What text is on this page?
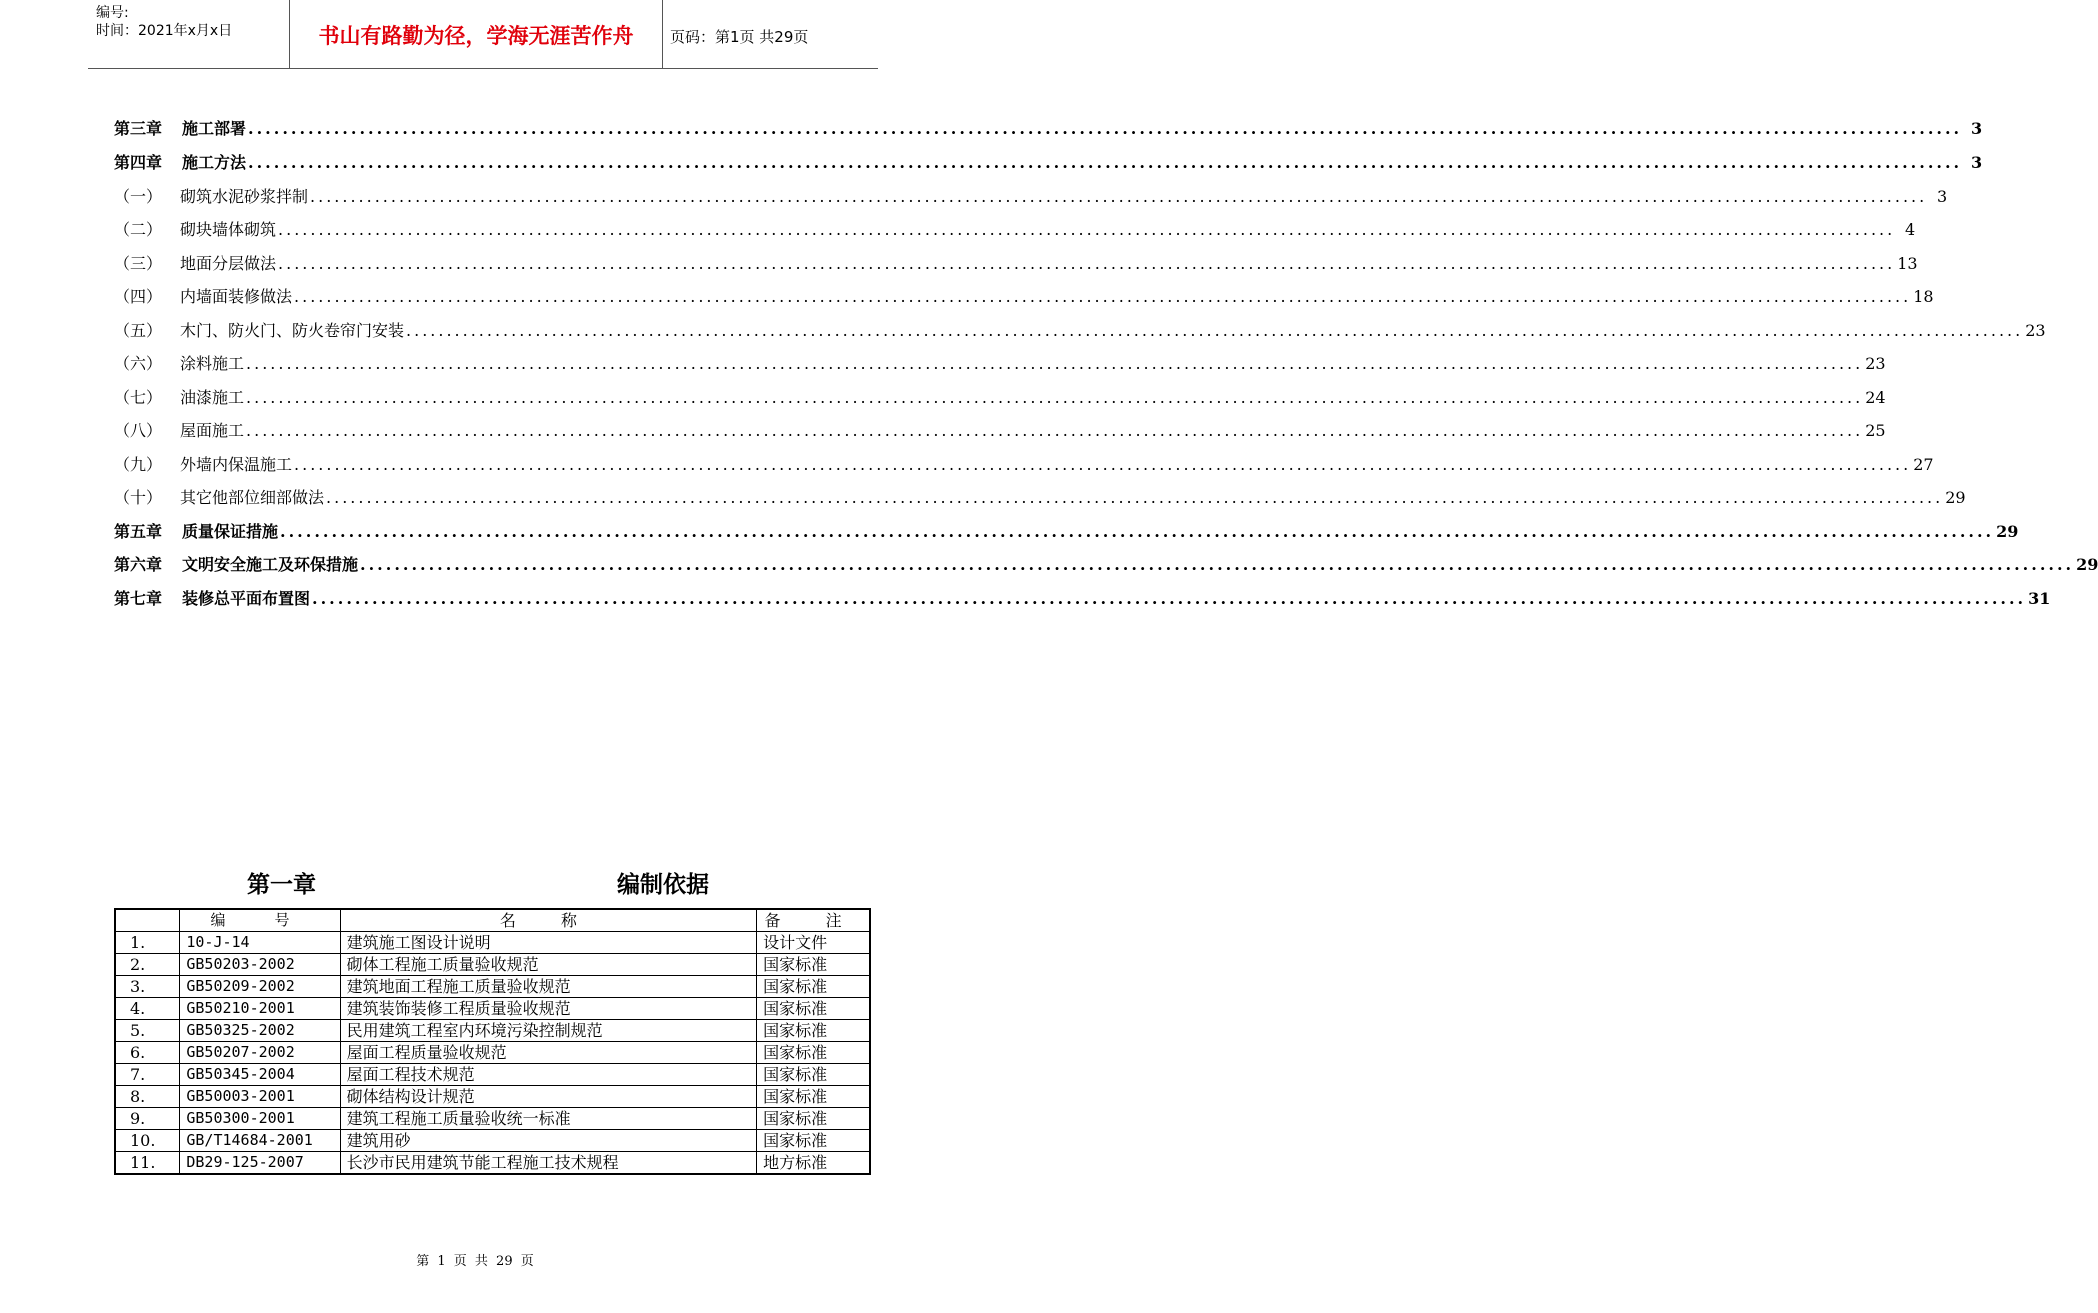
编号:
时间：2021年x月x日	书山有路勤为径，学海无涯苦作舟	页码：第1页 共29页
第三章 施工部署 ........................................................................................................................................................................................................ 3
第四章 施工方法 ........................................................................................................................................................................................................ 3
（一） 砌筑水泥砂浆拌制 ........................................................................................................................................................................................................ 3
（二） 砌块墙体砌筑 ........................................................................................................................................................................................................ 4
（三） 地面分层做法 ........................................................................................................................................................................................................ 13
（四） 内墙面装修做法 ........................................................................................................................................................................................................ 18
（五） 木门、防火门、防火卷帘门安装 ........................................................................................................................................................................................................ 23
（六） 涂料施工 ........................................................................................................................................................................................................ 23
（七） 油漆施工 ........................................................................................................................................................................................................ 24
（八） 屋面施工 ........................................................................................................................................................................................................ 25
（九） 外墙内保温施工 ........................................................................................................................................................................................................ 27
（十） 其它他部位细部做法 ........................................................................................................................................................................................................ 29
第五章 质量保证措施 ........................................................................................................................................................................................................ 29
第六章 文明安全施工及环保措施 ........................................................................................................................................................................................................ 29
第七章 装修总平面布置图 ........................................................................................................................................................................................................ 31
第一章	编制依据
	编 号	名 称	备 注
1.	10-J-14	建筑施工图设计说明	设计文件
2.	GB50203-2002	砌体工程施工质量验收规范	国家标准
3.	GB50209-2002	建筑地面工程施工质量验收规范	国家标准
4.	GB50210-2001	建筑装饰装修工程质量验收规范	国家标准
5.	GB50325-2002	民用建筑工程室内环境污染控制规范	国家标准
6.	GB50207-2002	屋面工程质量验收规范	国家标准
7.	GB50345-2004	屋面工程技术规范	国家标准
8.	GB50003-2001	砌体结构设计规范	国家标准
9.	GB50300-2001	建筑工程施工质量验收统一标准	国家标准
10.	GB/T14684-2001	建筑用砂	国家标准
11.	DB29-125-2007	长沙市民用建筑节能工程施工技术规程	地方标准
第 1 页 共 29 页
